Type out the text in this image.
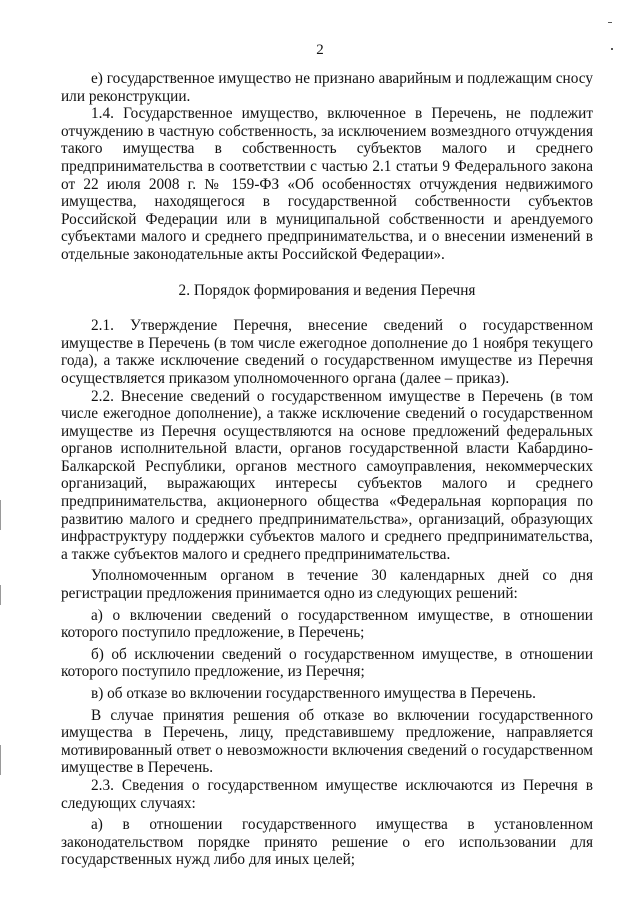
2

е) государственное имущество не признано аварийным и подлежащим сносу или реконструкции.

1.4. Государственное имущество, включенное в Перечень, не подлежит отчуждению в частную собственность, за исключением возмездного отчуждения такого имущества в собственность субъектов малого и среднего предпринимательства в соответствии с частью 2.1 статьи 9 Федерального закона от 22 июля 2008 г. № 159-ФЗ «Об особенностях отчуждения недвижимого имущества, находящегося в государственной собственности субъектов Российской Федерации или в муниципальной собственности и арендуемого субъектами малого и среднего предпринимательства, и о внесении изменений в отдельные законодательные акты Российской Федерации».

2. Порядок формирования и ведения Перечня

2.1. Утверждение Перечня, внесение сведений о государственном имуществе в Перечень (в том числе ежегодное дополнение до 1 ноября текущего года), а также исключение сведений о государственном имуществе из Перечня осуществляется приказом уполномоченного органа (далее – приказ).

2.2. Внесение сведений о государственном имуществе в Перечень (в том числе ежегодное дополнение), а также исключение сведений о государственном имуществе из Перечня осуществляются на основе предложений федеральных органов исполнительной власти, органов государственной власти Кабардино-Балкарской Республики, органов местного самоуправления, некоммерческих организаций, выражающих интересы субъектов малого и среднего предпринимательства, акционерного общества «Федеральная корпорация по развитию малого и среднего предпринимательства», организаций, образующих инфраструктуру поддержки субъектов малого и среднего предпринимательства, а также субъектов малого и среднего предпринимательства.

Уполномоченным органом в течение 30 календарных дней со дня регистрации предложения принимается одно из следующих решений:

а) о включении сведений о государственном имуществе, в отношении которого поступило предложение, в Перечень;

б) об исключении сведений о государственном имуществе, в отношении которого поступило предложение, из Перечня;

в) об отказе во включении государственного имущества в Перечень.

В случае принятия решения об отказе во включении государственного имущества в Перечень, лицу, представившему предложение, направляется мотивированный ответ о невозможности включения сведений о государственном имуществе в Перечень.

2.3. Сведения о государственном имуществе исключаются из Перечня в следующих случаях:

а) в отношении государственного имущества в установленном законодательством порядке принято решение о его использовании для государственных нужд либо для иных целей;
